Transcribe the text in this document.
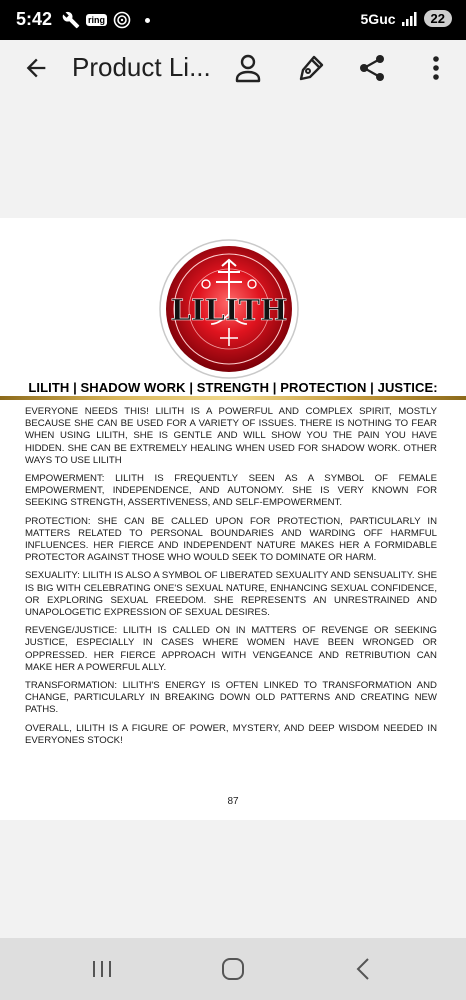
5:42	ring	5Guc	22
Product Li...
LILITH
LILITH | SHADOW WORK | STRENGTH | PROTECTION | JUSTICE:

EVERYONE NEEDS THIS! LILITH IS A POWERFUL AND COMPLEX SPIRIT, MOSTLY BECAUSE SHE CAN BE USED FOR A VARIETY OF ISSUES. THERE IS NOTHING TO FEAR WHEN USING LILITH, SHE IS GENTLE AND WILL SHOW YOU THE PAIN YOU HAVE HIDDEN. SHE CAN BE EXTREMELY HEALING WHEN USED FOR SHADOW WORK. OTHER WAYS TO USE LILITH

EMPOWERMENT: LILITH IS FREQUENTLY SEEN AS A SYMBOL OF FEMALE EMPOWERMENT, INDEPENDENCE, AND AUTONOMY. SHE IS VERY KNOWN FOR SEEKING STRENGTH, ASSERTIVENESS, AND SELF-EMPOWERMENT.

PROTECTION: SHE CAN BE CALLED UPON FOR PROTECTION, PARTICULARLY IN MATTERS RELATED TO PERSONAL BOUNDARIES AND WARDING OFF HARMFUL INFLUENCES. HER FIERCE AND INDEPENDENT NATURE MAKES HER A FORMIDABLE PROTECTOR AGAINST THOSE WHO WOULD SEEK TO DOMINATE OR HARM.

SEXUALITY: LILITH IS ALSO A SYMBOL OF LIBERATED SEXUALITY AND SENSUALITY. SHE IS BIG WITH CELEBRATING ONE'S SEXUAL NATURE, ENHANCING SEXUAL CONFIDENCE, OR EXPLORING SEXUAL FREEDOM. SHE REPRESENTS AN UNRESTRAINED AND UNAPOLOGETIC EXPRESSION OF SEXUAL DESIRES.

REVENGE/JUSTICE: LILITH IS CALLED ON IN MATTERS OF REVENGE OR SEEKING JUSTICE, ESPECIALLY IN CASES WHERE WOMEN HAVE BEEN WRONGED OR OPPRESSED. HER FIERCE APPROACH WITH VENGEANCE AND RETRIBUTION CAN MAKE HER A POWERFUL ALLY.

TRANSFORMATION: LILITH'S ENERGY IS OFTEN LINKED TO TRANSFORMATION AND CHANGE, PARTICULARLY IN BREAKING DOWN OLD PATTERNS AND CREATING NEW PATHS.

OVERALL, LILITH IS A FIGURE OF POWER, MYSTERY, AND DEEP WISDOM NEEDED IN EVERYONES STOCK!

87
